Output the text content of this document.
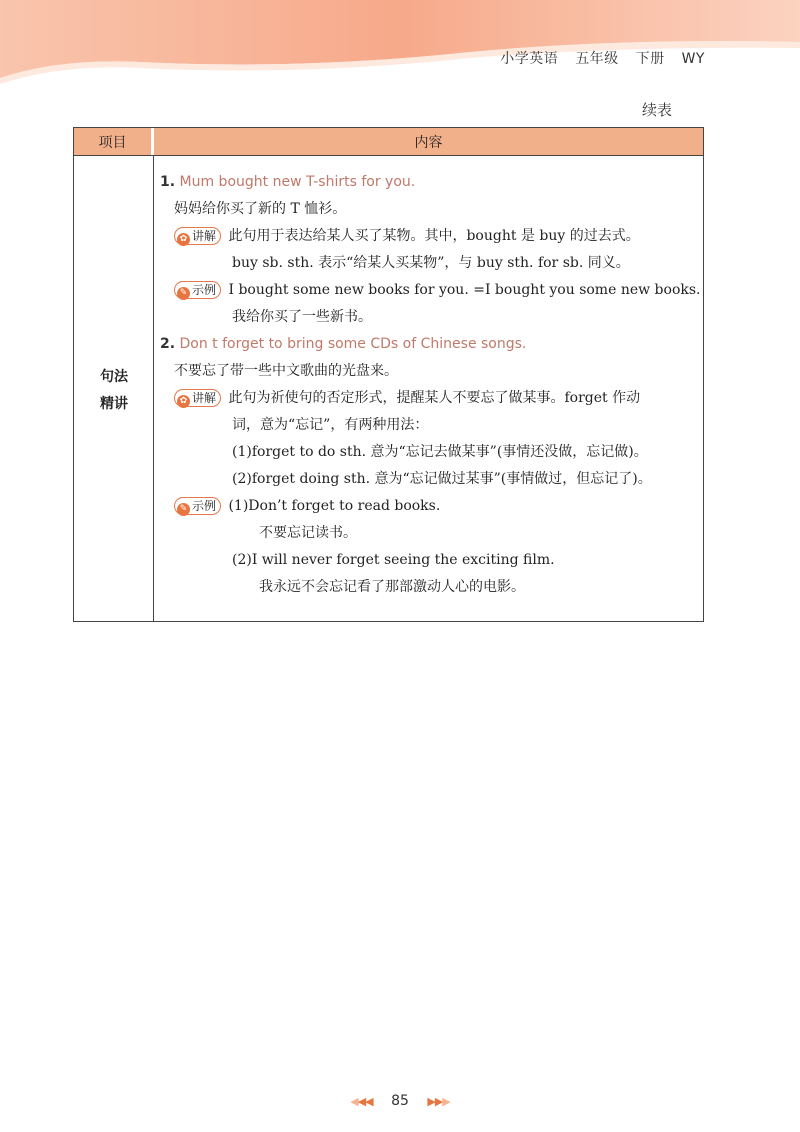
小学英语 五年级 下册 WY
续表
项目	内容
句法
精讲
1. Mum bought new T-shirts for you.
妈妈给你买了新的 T 恤衫。
✿ 讲解 此句用于表达给某人买了某物。其中，bought 是 buy 的过去式。
buy sb. sth. 表示“给某人买某物”，与 buy sth. for sb. 同义。
✎ 示例 I bought some new books for you. =I bought you some new books.
我给你买了一些新书。
2. Don t forget to bring some CDs of Chinese songs.
不要忘了带一些中文歌曲的光盘来。
✿ 讲解 此句为祈使句的否定形式，提醒某人不要忘了做某事。forget 作动
词，意为“忘记”，有两种用法：
(1)forget to do sth. 意为“忘记去做某事”(事情还没做，忘记做)。
(2)forget doing sth. 意为“忘记做过某事”(事情做过，但忘记了)。
✎ 示例 (1)Don’t forget to read books.
不要忘记读书。
(2)I will never forget seeing the exciting film.
我永远不会忘记看了那部激动人心的电影。
◀◀◀ 85 ▶▶▶
